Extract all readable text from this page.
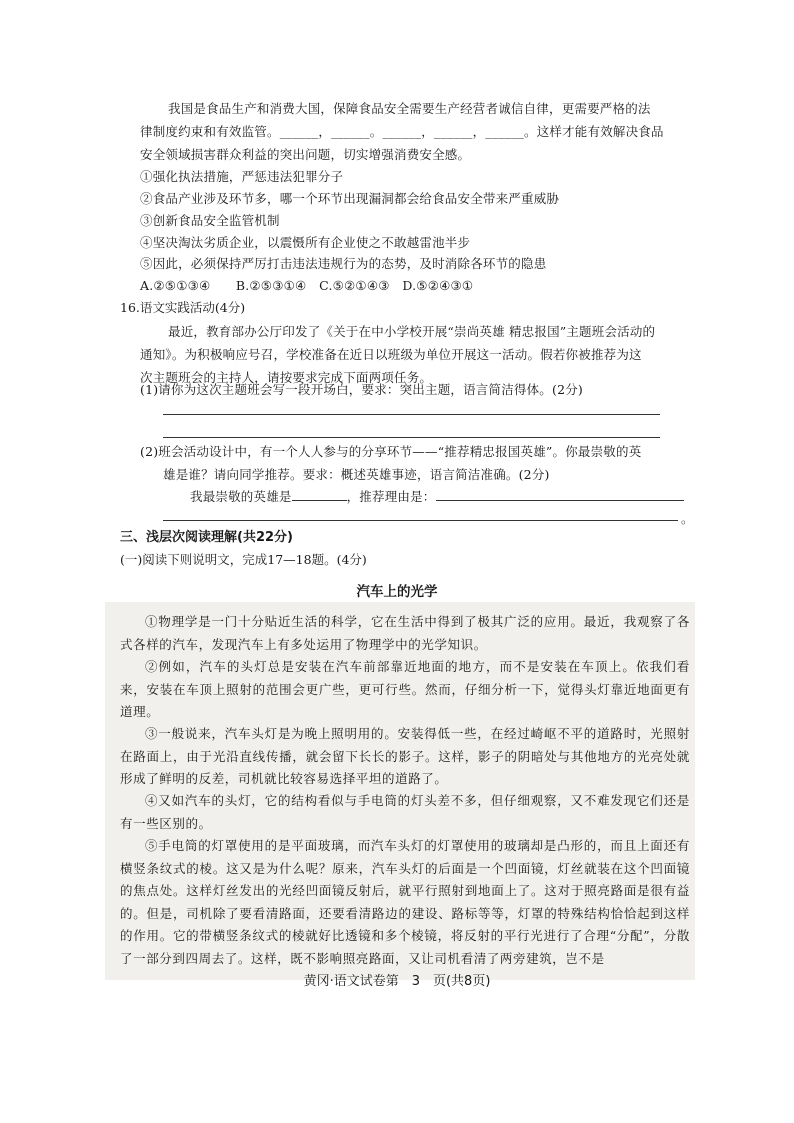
我国是食品生产和消费大国，保障食品安全需要生产经营者诚信自律，更需要严格的法
律制度约束和有效监管。______，______。______，______，______。这样才能有效解决食品
安全领域损害群众利益的突出问题，切实增强消费安全感。
①强化执法措施，严惩违法犯罪分子
②食品产业涉及环节多，哪一个环节出现漏洞都会给食品安全带来严重威胁
③创新食品安全监管机制
④坚决淘汰劣质企业，以震慑所有企业使之不敢越雷池半步
⑤因此，必须保持严厉打击违法违规行为的态势，及时消除各环节的隐患
A.②⑤①③④　　B.②⑤③①④　C.⑤②①④③　D.⑤②④③①
16.语文实践活动(4分)
最近，教育部办公厅印发了《关于在中小学校开展“崇尚英雄 精忠报国”主题班会活动的
通知》。为积极响应号召，学校准备在近日以班级为单位开展这一活动。假若你被推荐为这
次主题班会的主持人，请按要求完成下面两项任务。
(1)请你为这次主题班会写一段开场白，要求：突出主题，语言简洁得体。(2分)
(2)班会活动设计中，有一个人人参与的分享环节——“推荐精忠报国英雄”。你最崇敬的英
雄是谁？请向同学推荐。要求：概述英雄事迹，语言简洁准确。(2分)
我最崇敬的英雄是	，推荐理由是：
。
三、浅层次阅读理解(共22分)
(一)阅读下则说明文，完成17—18题。(4分)
汽车上的光学
①物理学是一门十分贴近生活的科学，它在生活中得到了极其广泛的应用。最近，我观察了各式各样的汽车，发现汽车上有多处运用了物理学中的光学知识。
②例如，汽车的头灯总是安装在汽车前部靠近地面的地方，而不是安装在车顶上。依我们看来，安装在车顶上照射的范围会更广些，更可行些。然而，仔细分析一下，觉得头灯靠近地面更有道理。
③一般说来，汽车头灯是为晚上照明用的。安装得低一些，在经过崎岖不平的道路时，光照射在路面上，由于光沿直线传播，就会留下长长的影子。这样，影子的阴暗处与其他地方的光亮处就形成了鲜明的反差，司机就比较容易选择平坦的道路了。
④又如汽车的头灯，它的结构看似与手电筒的灯头差不多，但仔细观察，又不难发现它们还是有一些区别的。
⑤手电筒的灯罩使用的是平面玻璃，而汽车头灯的灯罩使用的玻璃却是凸形的，而且上面还有横竖条纹式的棱。这又是为什么呢？原来，汽车头灯的后面是一个凹面镜，灯丝就装在这个凹面镜的焦点处。这样灯丝发出的光经凹面镜反射后，就平行照射到地面上了。这对于照亮路面是很有益的。但是，司机除了要看清路面，还要看清路边的建设、路标等等，灯罩的特殊结构恰恰起到这样的作用。它的带横竖条纹式的棱就好比透镜和多个棱镜，将反射的平行光进行了合理“分配”，分散了一部分到四周去了。这样，既不影响照亮路面，又让司机看清了两旁建筑，岂不是
黄冈·语文试卷第　3　页(共8页)
